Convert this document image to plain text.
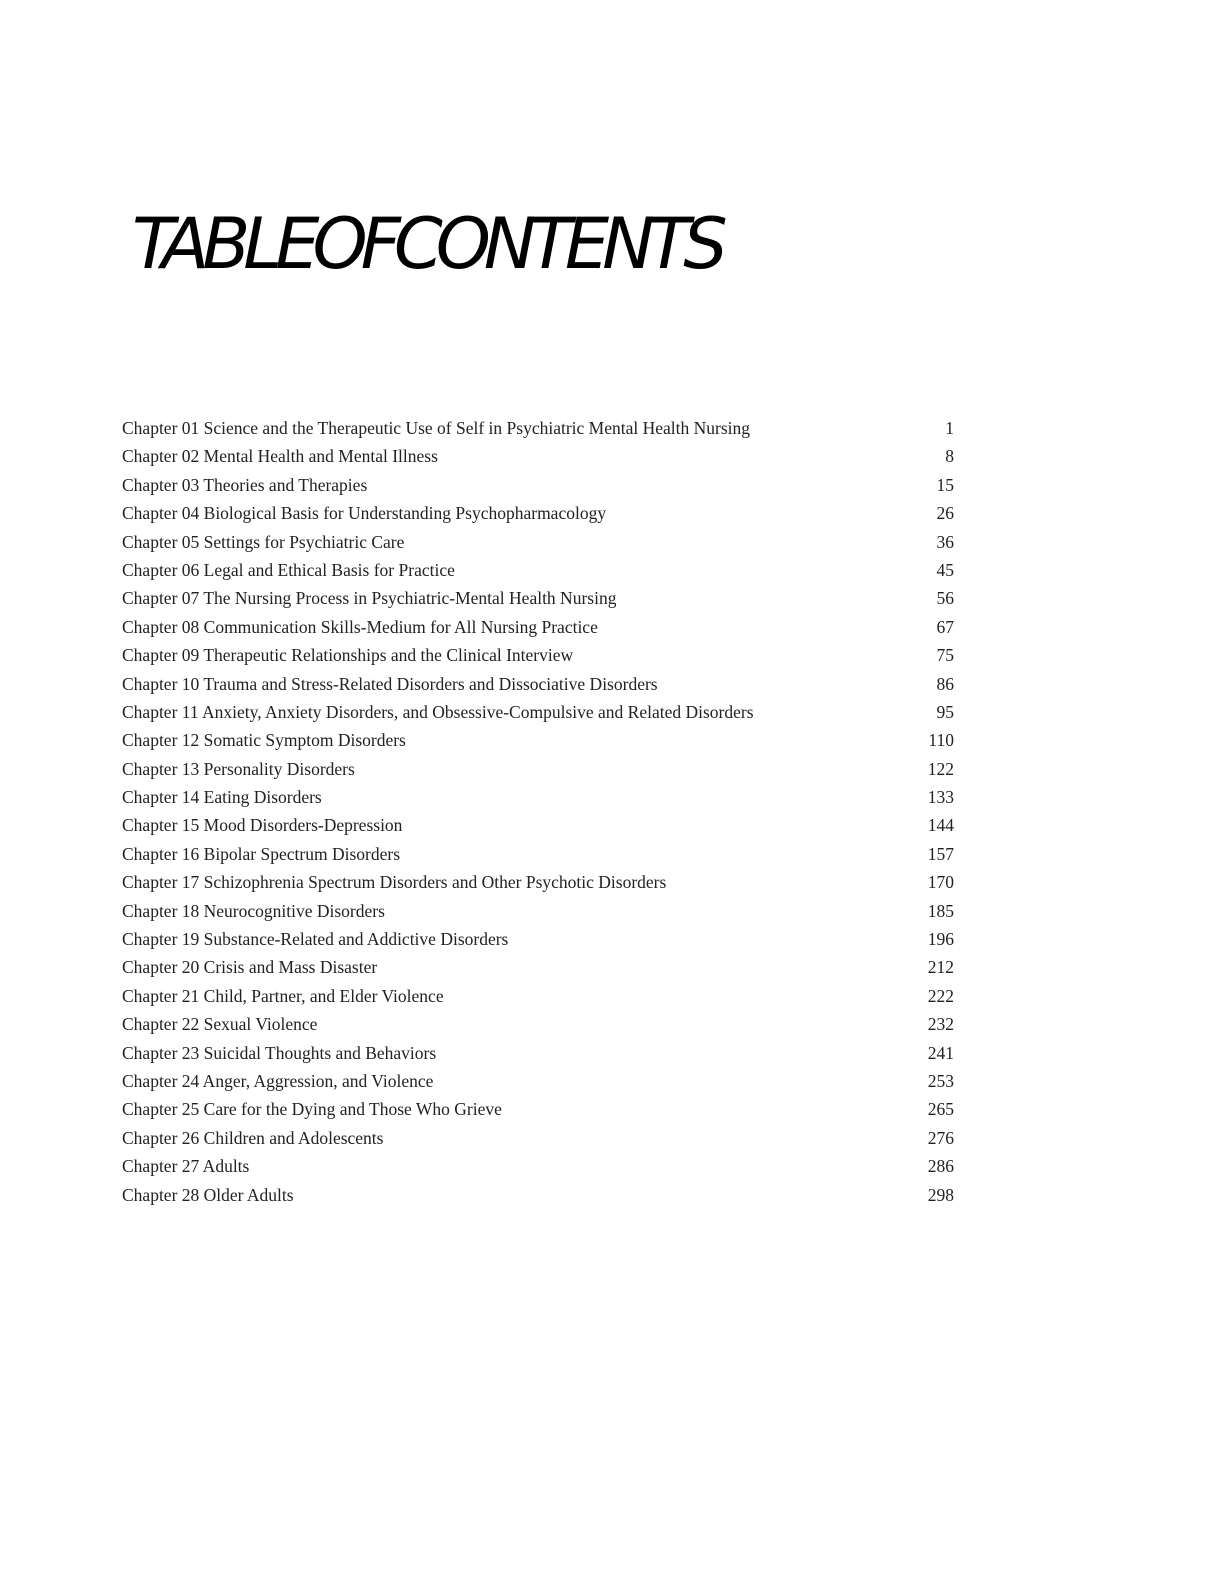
TABLEOFCONTENTS
Chapter 01 Science and the Therapeutic Use of Self in Psychiatric Mental Health Nursing	1
Chapter 02 Mental Health and Mental Illness	8
Chapter 03 Theories and Therapies	15
Chapter 04 Biological Basis for Understanding Psychopharmacology	26
Chapter 05 Settings for Psychiatric Care	36
Chapter 06 Legal and Ethical Basis for Practice	45
Chapter 07 The Nursing Process in Psychiatric-Mental Health Nursing	56
Chapter 08 Communication Skills-Medium for All Nursing Practice	67
Chapter 09 Therapeutic Relationships and the Clinical Interview	75
Chapter 10 Trauma and Stress-Related Disorders and Dissociative Disorders	86
Chapter 11 Anxiety, Anxiety Disorders, and Obsessive-Compulsive and Related Disorders	95
Chapter 12 Somatic Symptom Disorders	110
Chapter 13 Personality Disorders	122
Chapter 14 Eating Disorders	133
Chapter 15 Mood Disorders-Depression	144
Chapter 16 Bipolar Spectrum Disorders	157
Chapter 17 Schizophrenia Spectrum Disorders and Other Psychotic Disorders	170
Chapter 18 Neurocognitive Disorders	185
Chapter 19 Substance-Related and Addictive Disorders	196
Chapter 20 Crisis and Mass Disaster	212
Chapter 21 Child, Partner, and Elder Violence	222
Chapter 22 Sexual Violence	232
Chapter 23 Suicidal Thoughts and Behaviors	241
Chapter 24 Anger, Aggression, and Violence	253
Chapter 25 Care for the Dying and Those Who Grieve	265
Chapter 26 Children and Adolescents	276
Chapter 27 Adults	286
Chapter 28 Older Adults	298
